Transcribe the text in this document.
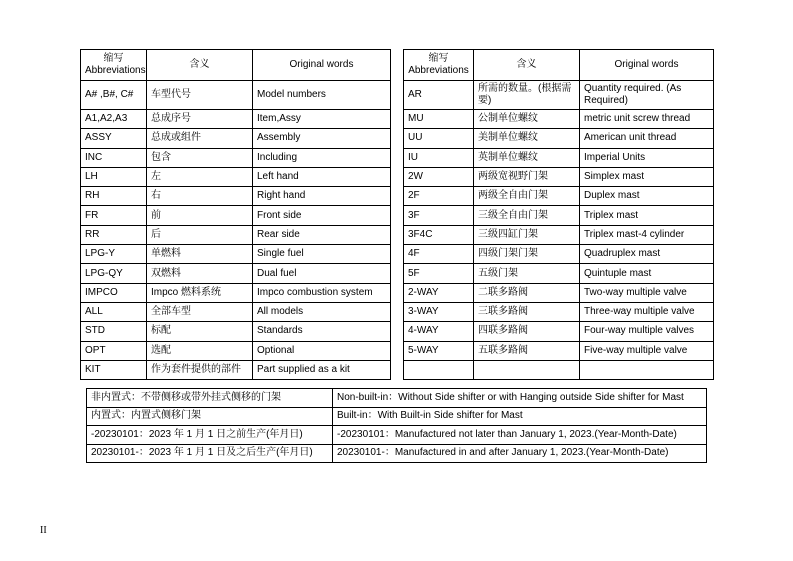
缩写
Abbreviations	含义	Original words
A# ,B#, C#	车型代号	Model numbers
A1,A2,A3	总成序号	Item,Assy
ASSY	总成或组件	Assembly
INC	包含	Including
LH	左	Left hand
RH	右	Right hand
FR	前	Front side
RR	后	Rear side
LPG-Y	单燃料	Single fuel
LPG-QY	双燃料	Dual fuel
IMPCO	Impco 燃料系统	Impco combustion system
ALL	全部车型	All models
STD	标配	Standards
OPT	选配	Optional
KIT	作为套件提供的部件	Part supplied as a kit
缩写
Abbreviations	含义	Original words
AR	所需的数量。(根据需要)	Quantity required. (As Required)
MU	公制单位螺纹	metric unit screw thread
UU	美制单位螺纹	American unit thread
IU	英制单位螺纹	Imperial Units
2W	两级宽视野门架	Simplex mast
2F	两级全自由门架	Duplex mast
3F	三级全自由门架	Triplex mast
3F4C	三级四缸门架	Triplex mast-4 cylinder
4F	四级门架门架	Quadruplex mast
5F	五级门架	Quintuple mast
2-WAY	二联多路阀	Two-way multiple valve
3-WAY	三联多路阀	Three-way multiple valve
4-WAY	四联多路阀	Four-way multiple valves
5-WAY	五联多路阀	Five-way multiple valve

非内置式：不带侧移或带外挂式侧移的门架	Non-built-in：Without Side shifter or with Hanging outside Side shifter for Mast
内置式：内置式侧移门架	Built-in：With Built-in Side shifter for Mast
-20230101：2023 年 1 月 1 日之前生产(年月日)	-20230101：Manufactured not later than January 1, 2023.(Year-Month-Date)
20230101-：2023 年 1 月 1 日及之后生产(年月日)	20230101-：Manufactured in and after January 1, 2023.(Year-Month-Date)
II
